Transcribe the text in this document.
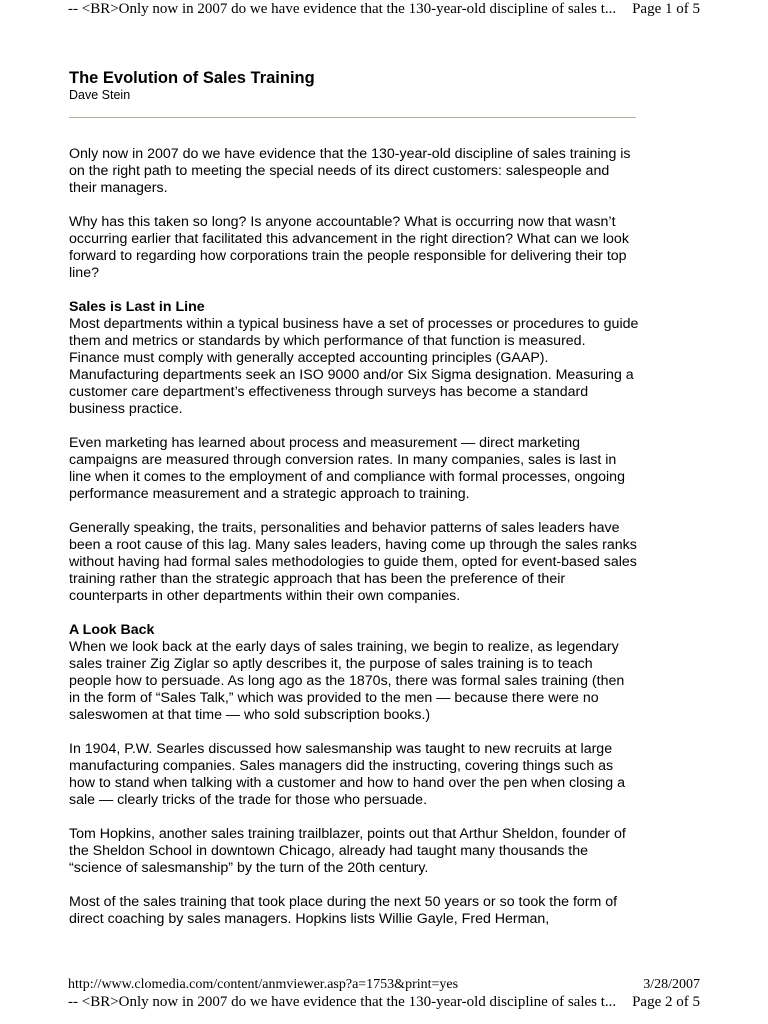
-- <BR>Only now in 2007 do we have evidence that the 130-year-old discipline of sales t... Page 1 of 5
The Evolution of Sales Training
Dave Stein

Only now in 2007 do we have evidence that the 130-year-old discipline of sales training is on the right path to meeting the special needs of its direct customers: salespeople and their managers.

Why has this taken so long? Is anyone accountable? What is occurring now that wasn’t occurring earlier that facilitated this advancement in the right direction? What can we look forward to regarding how corporations train the people responsible for delivering their top line?

Sales is Last in Line

Most departments within a typical business have a set of processes or procedures to guide them and metrics or standards by which performance of that function is measured. Finance must comply with generally accepted accounting principles (GAAP). Manufacturing departments seek an ISO 9000 and/or Six Sigma designation. Measuring a customer care department’s effectiveness through surveys has become a standard business practice.

Even marketing has learned about process and measurement — direct marketing campaigns are measured through conversion rates. In many companies, sales is last in line when it comes to the employment of and compliance with formal processes, ongoing performance measurement and a strategic approach to training.

Generally speaking, the traits, personalities and behavior patterns of sales leaders have been a root cause of this lag. Many sales leaders, having come up through the sales ranks without having had formal sales methodologies to guide them, opted for event-based sales training rather than the strategic approach that has been the preference of their counterparts in other departments within their own companies.

A Look Back

When we look back at the early days of sales training, we begin to realize, as legendary sales trainer Zig Ziglar so aptly describes it, the purpose of sales training is to teach people how to persuade. As long ago as the 1870s, there was formal sales training (then in the form of “Sales Talk,” which was provided to the men — because there were no saleswomen at that time — who sold subscription books.)

In 1904, P.W. Searles discussed how salesmanship was taught to new recruits at large manufacturing companies. Sales managers did the instructing, covering things such as how to stand when talking with a customer and how to hand over the pen when closing a sale — clearly tricks of the trade for those who persuade.

Tom Hopkins, another sales training trailblazer, points out that Arthur Sheldon, founder of the Sheldon School in downtown Chicago, already had taught many thousands the “science of salesmanship” by the turn of the 20th century.

Most of the sales training that took place during the next 50 years or so took the form of direct coaching by sales managers. Hopkins lists Willie Gayle, Fred Herman,

http://www.clomedia.com/content/anmviewer.asp?a=1753&print=yes	3/28/2007
-- <BR>Only now in 2007 do we have evidence that the 130-year-old discipline of sales t... Page 2 of 5
